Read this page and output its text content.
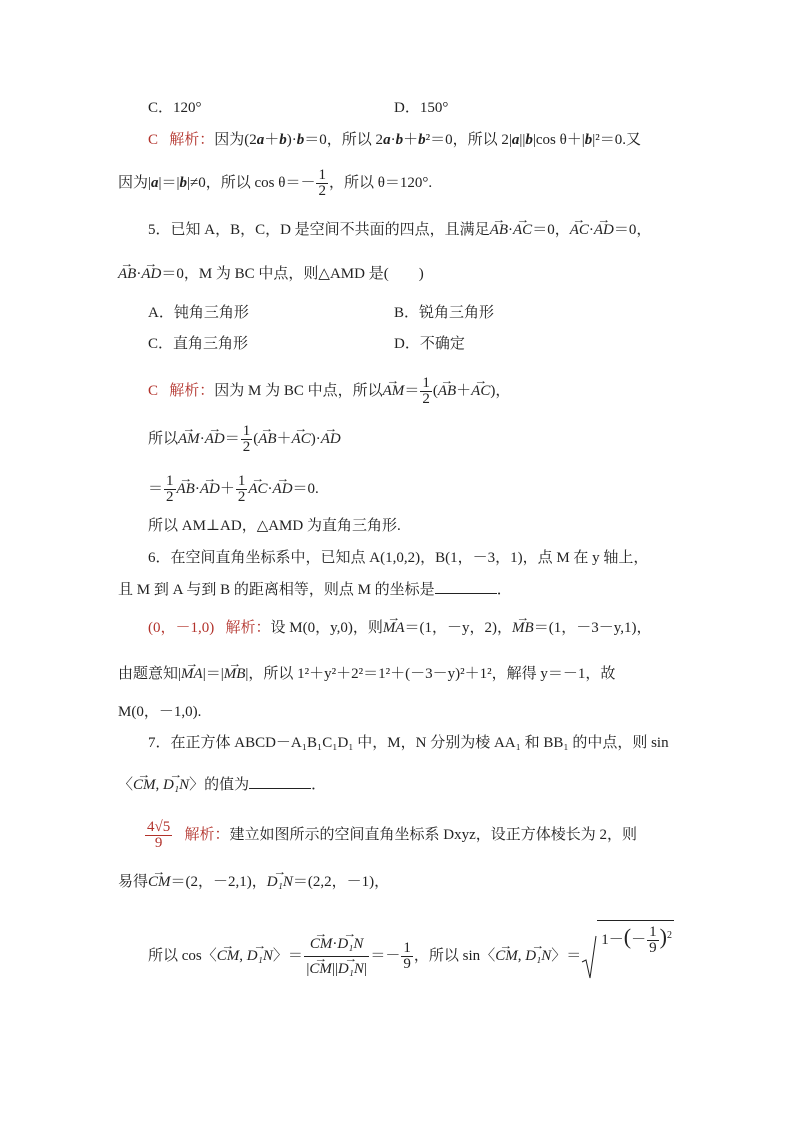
C．120°	D．150°
C 解析：因为(2a＋b)·b＝0，所以 2a·b＋b²＝0，所以 2|a||b|cos θ＋|b|²＝0.又
因为|a|＝|b|≠0，所以 $\cos \theta=- \frac{1}{2}$ ，所以 θ＝120°.
5．已知 A，B，C，D 是空间不共面的四点，且满足→ AB·→ AC＝0，→ AC·→ AD＝0，
→ AB·→ AD＝0，M 为 BC 中点，则△AMD 是(　　)
A．钝角三角形	B．锐角三角形
C．直角三角形	D．不确定
C 解析：因为 M 为 BC 中点，所以→ $AM= \frac{1}{2}$ (→ AB＋→ AC)，
所以→ $AM\cdot\to AD= \frac{1}{2}$ (→ AB＋→ AC)·→ AD
＝ $\frac{1}{2}$
→ $AB\cdot\to AD+ \frac{1}{2}$
→ AC·→ AD＝0.
所以 AM⊥AD，△AMD 为直角三角形.
6．在空间直角坐标系中，已知点 A(1,0,2)，B(1，－3，1)，点 M 在 y 轴上，
且 M 到 A 与到 B 的距离相等，则点 M 的坐标是	．
(0，－1,0) 解析：设 M(0，y,0)，则→ MA＝(1，－y，2)，→ MB＝(1，－3－y,1)，
由题意知|→ MA|＝|→ MB|，所以 1²＋y²＋2²＝1²＋(－3－y)²＋1²，解得 y＝－1，故
M(0，－1,0).
7．在正方体 ABCD－A₁B₁C₁D₁ 中，M，N 分别为棱 AA₁ 和 BB₁ 的中点，则 sin
〈→ CM, → D₁N〉的值为	．
$\frac{4√5}{9}$ 解析：建立如图所示的空间直角坐标系 Dxyz，设正方体棱长为 2，则
易得→ CM＝(2，－2,1)，→ D₁N＝(2,2，－1)，
所以 cos〈→ CM, → D₁N〉＝
→ $\frac{\text{CM·→ D₁N}}{\text{|→ CM||→ D₁N|}} =- \frac{1}{9}$ ，所以 sin〈→ CM, → D₁N〉$=1-(- \frac{1}{9} )^2$
